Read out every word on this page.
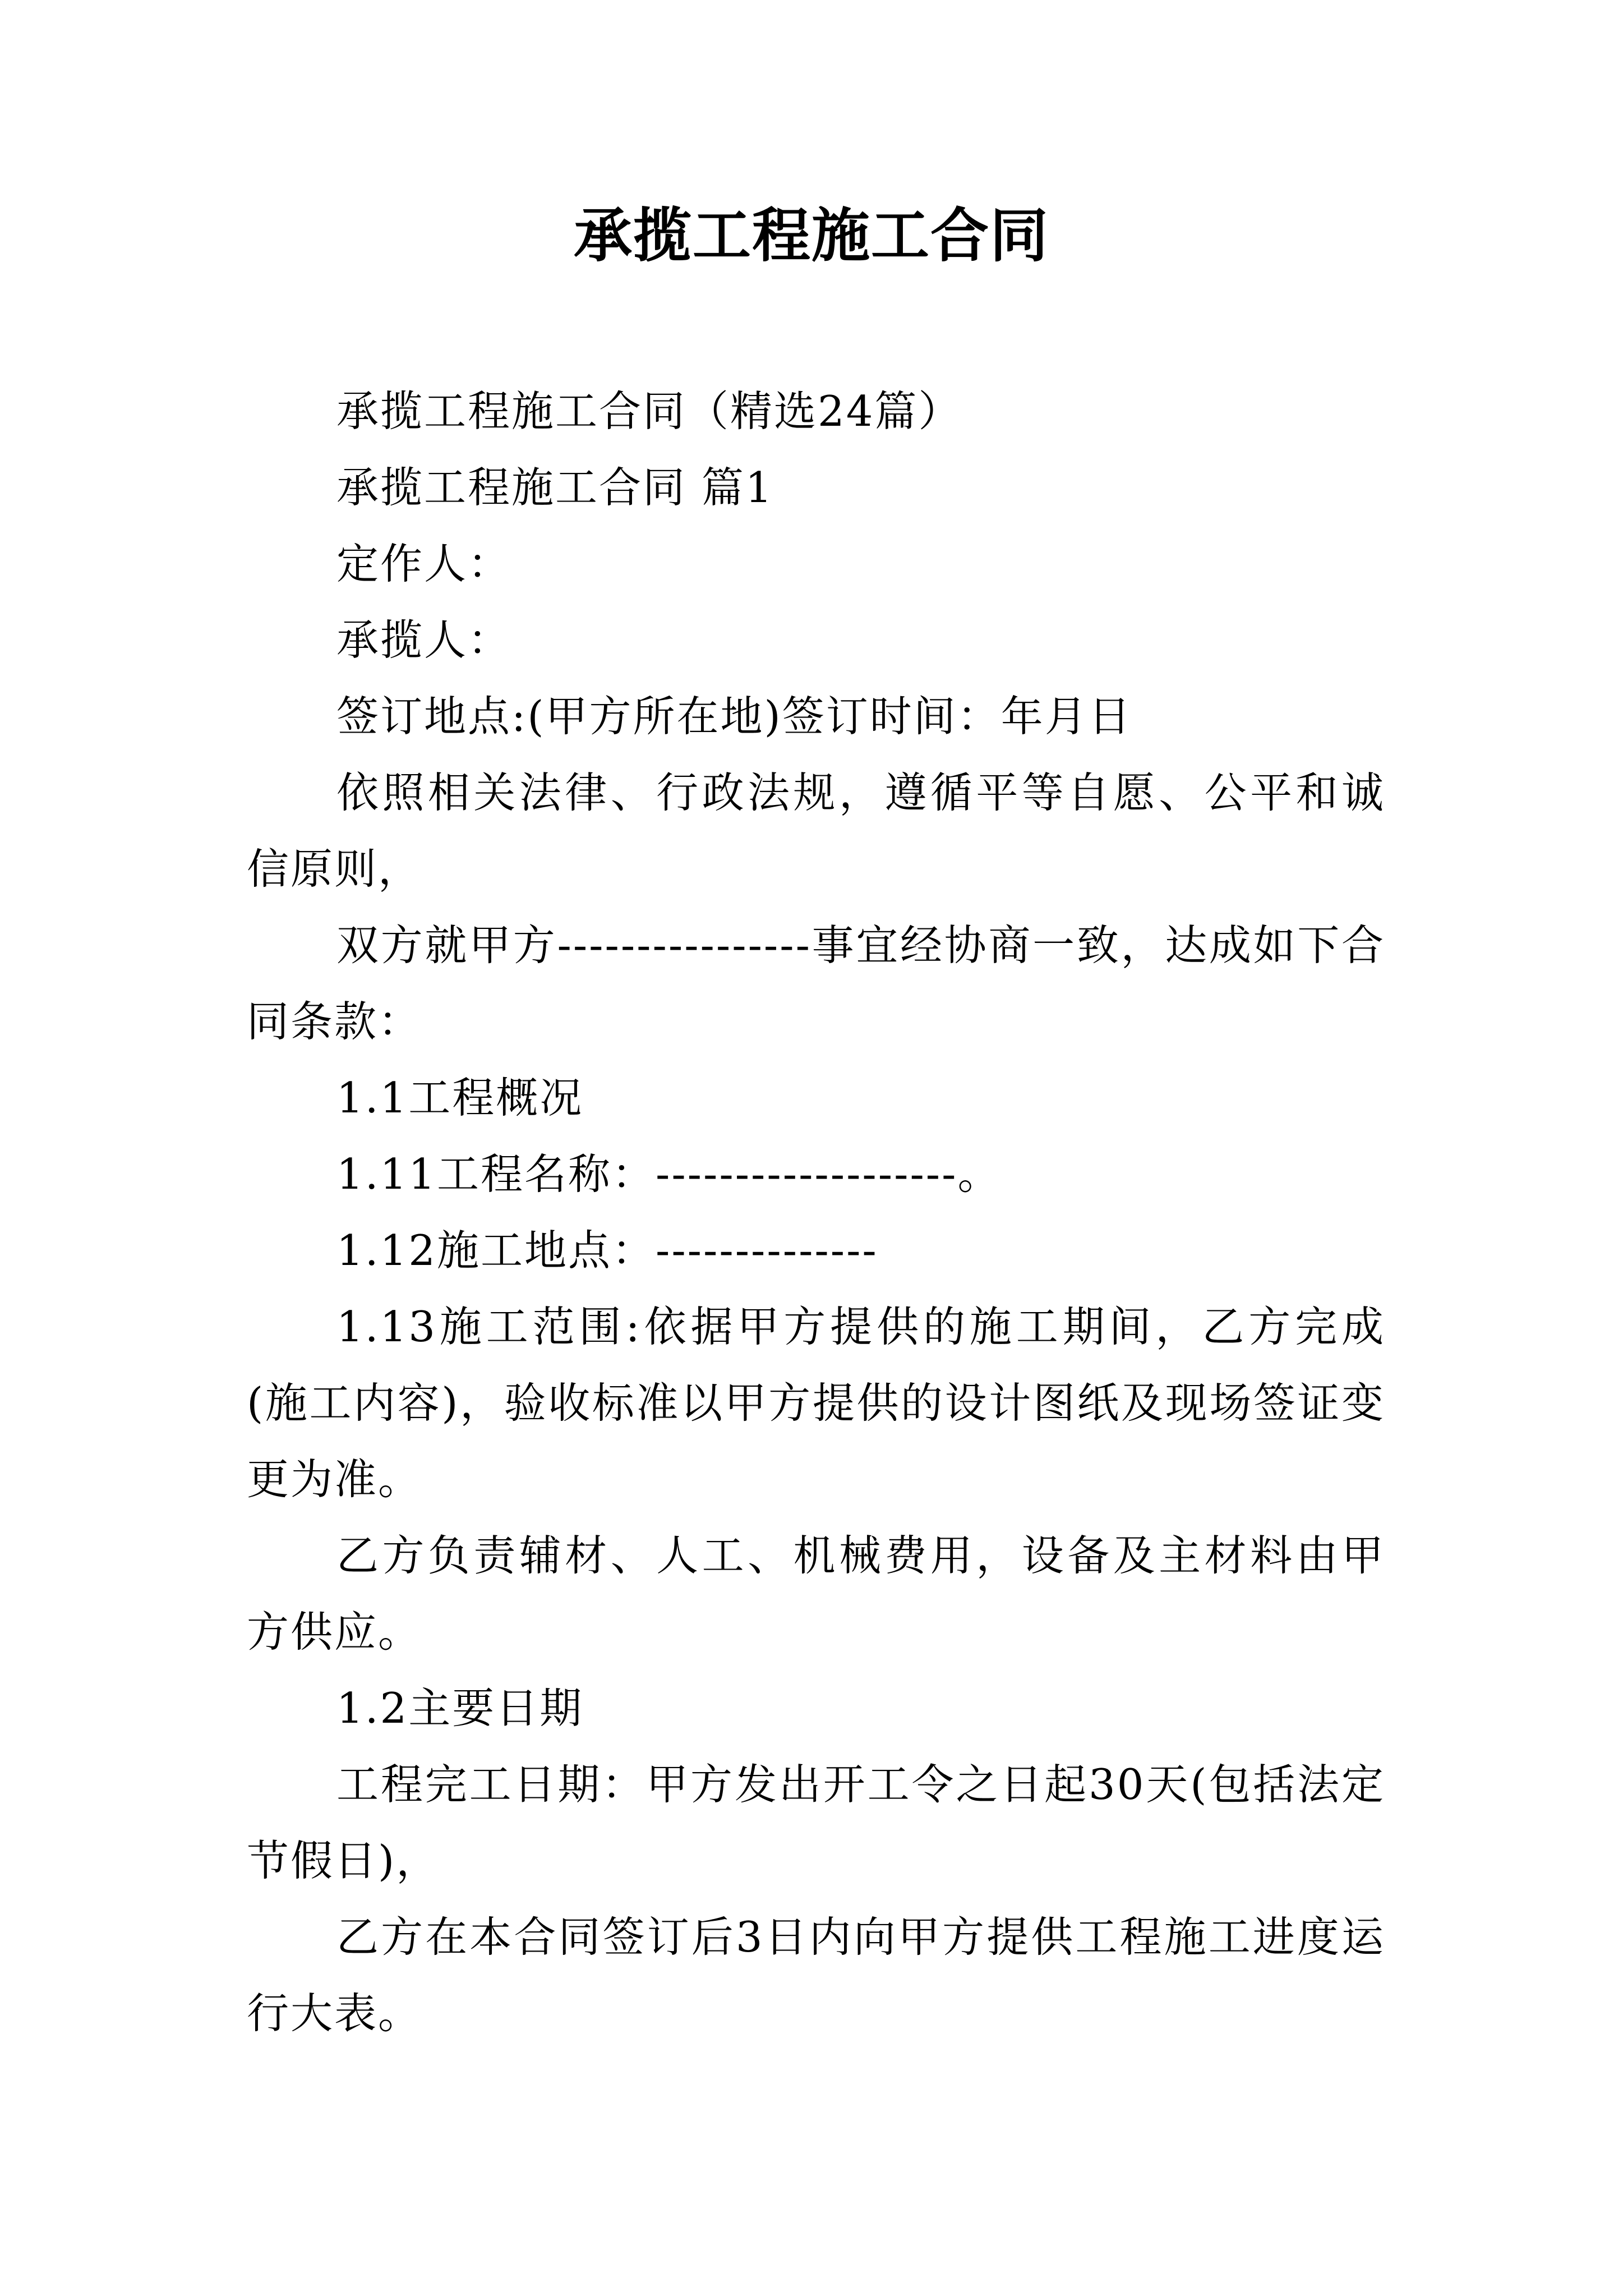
承揽工程施工合同

承揽工程施工合同（精选24篇）

承揽工程施工合同 篇1

定作人：

承揽人：

签订地点:(甲方所在地)签订时间：年月日

依照相关法律、行政法规，遵循平等自愿、公平和诚信原则，

双方就甲方----------------事宜经协商一致，达成如下合同条款：

1.1工程概况

1.11工程名称：-------------------。

1.12施工地点：--------------

1.13施工范围:依据甲方提供的施工期间，乙方完成(施工内容)，验收标准以甲方提供的设计图纸及现场签证变更为准。

乙方负责辅材、人工、机械费用，设备及主材料由甲方供应。

1.2主要日期

工程完工日期：甲方发出开工令之日起30天(包括法定节假日)，

乙方在本合同签订后3日内向甲方提供工程施工进度运行大表。
